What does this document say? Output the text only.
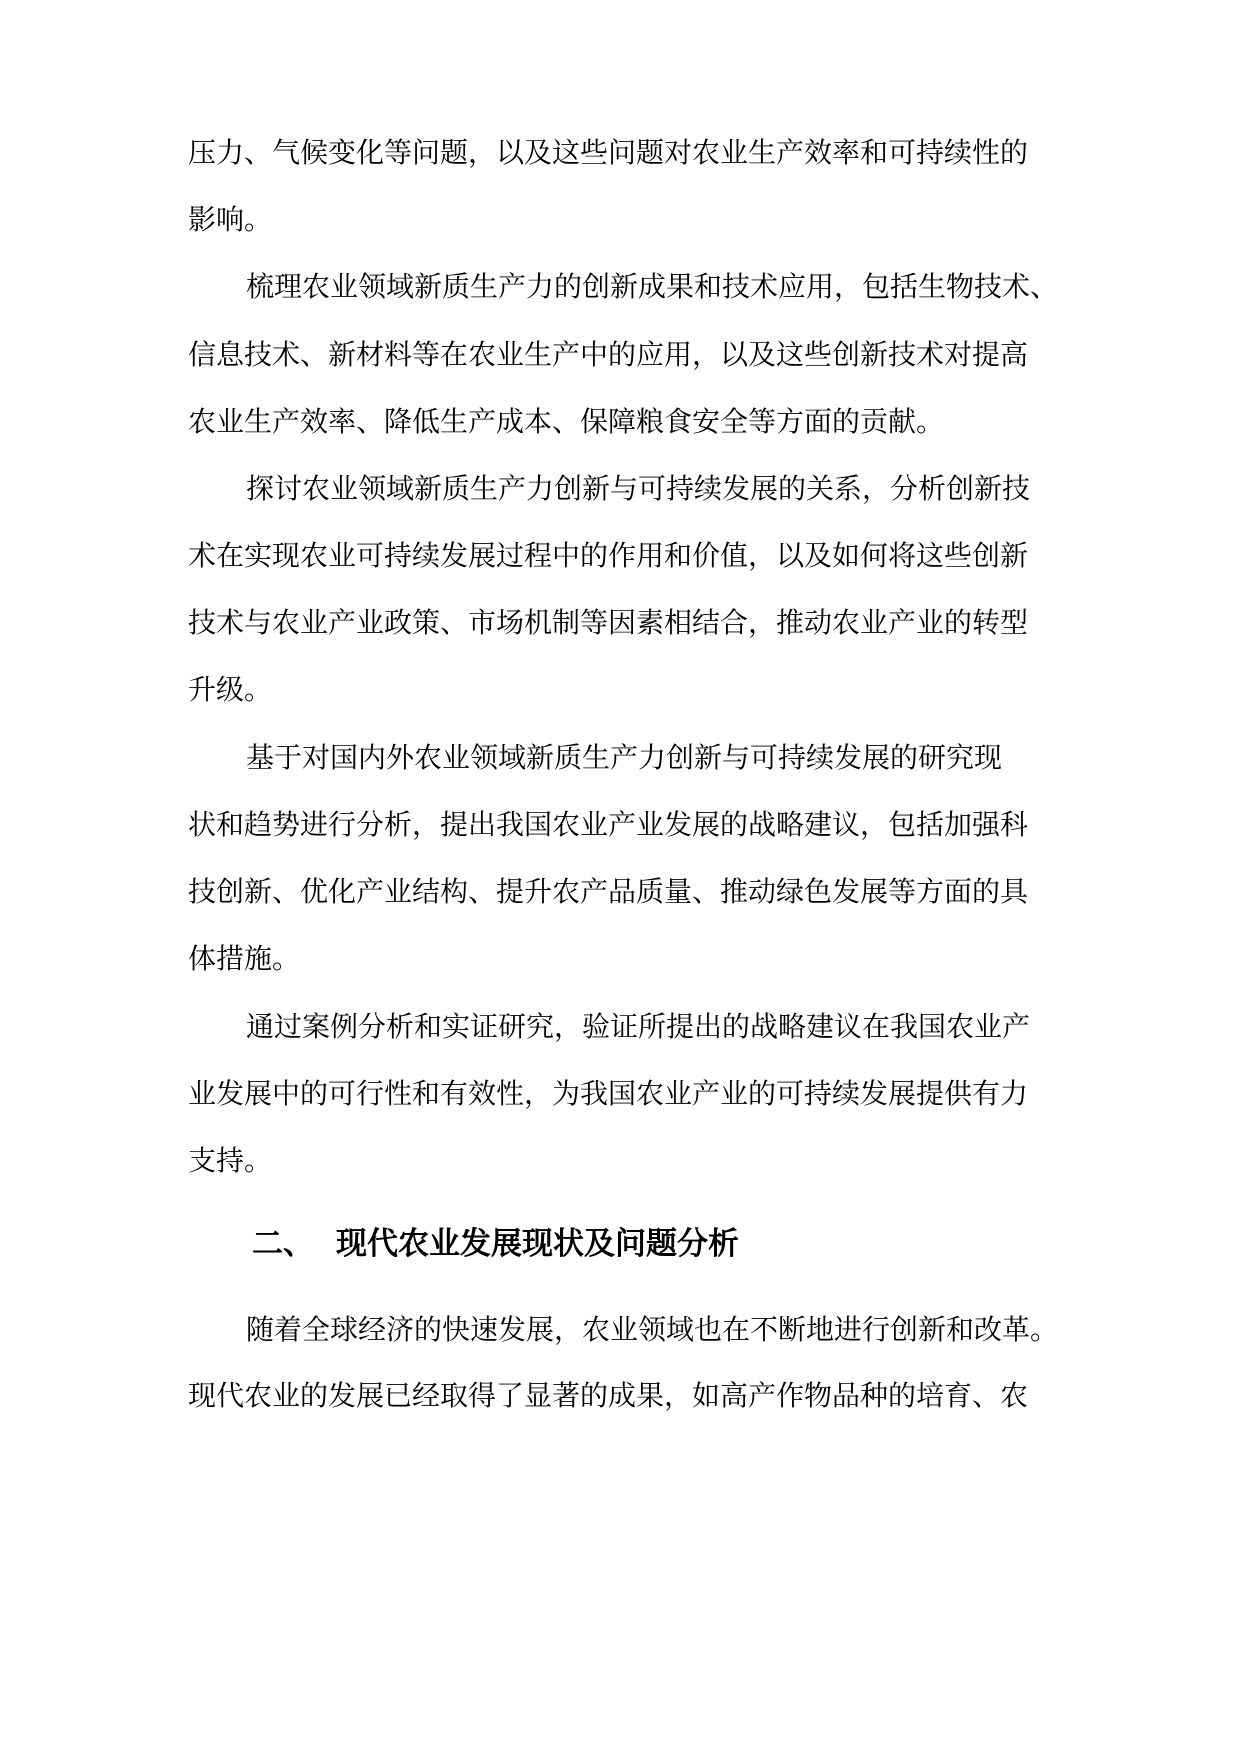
压力、气候变化等问题，以及这些问题对农业生产效率和可持续性的
影响。
梳理农业领域新质生产力的创新成果和技术应用，包括生物技术、
信息技术、新材料等在农业生产中的应用，以及这些创新技术对提高
农业生产效率、降低生产成本、保障粮食安全等方面的贡献。
探讨农业领域新质生产力创新与可持续发展的关系，分析创新技
术在实现农业可持续发展过程中的作用和价值，以及如何将这些创新
技术与农业产业政策、市场机制等因素相结合，推动农业产业的转型
升级。
基于对国内外农业领域新质生产力创新与可持续发展的研究现
状和趋势进行分析，提出我国农业产业发展的战略建议，包括加强科
技创新、优化产业结构、提升农产品质量、推动绿色发展等方面的具
体措施。
通过案例分析和实证研究，验证所提出的战略建议在我国农业产
业发展中的可行性和有效性，为我国农业产业的可持续发展提供有力
支持。
二、 现代农业发展现状及问题分析
随着全球经济的快速发展，农业领域也在不断地进行创新和改革。
现代农业的发展已经取得了显著的成果，如高产作物品种的培育、农
